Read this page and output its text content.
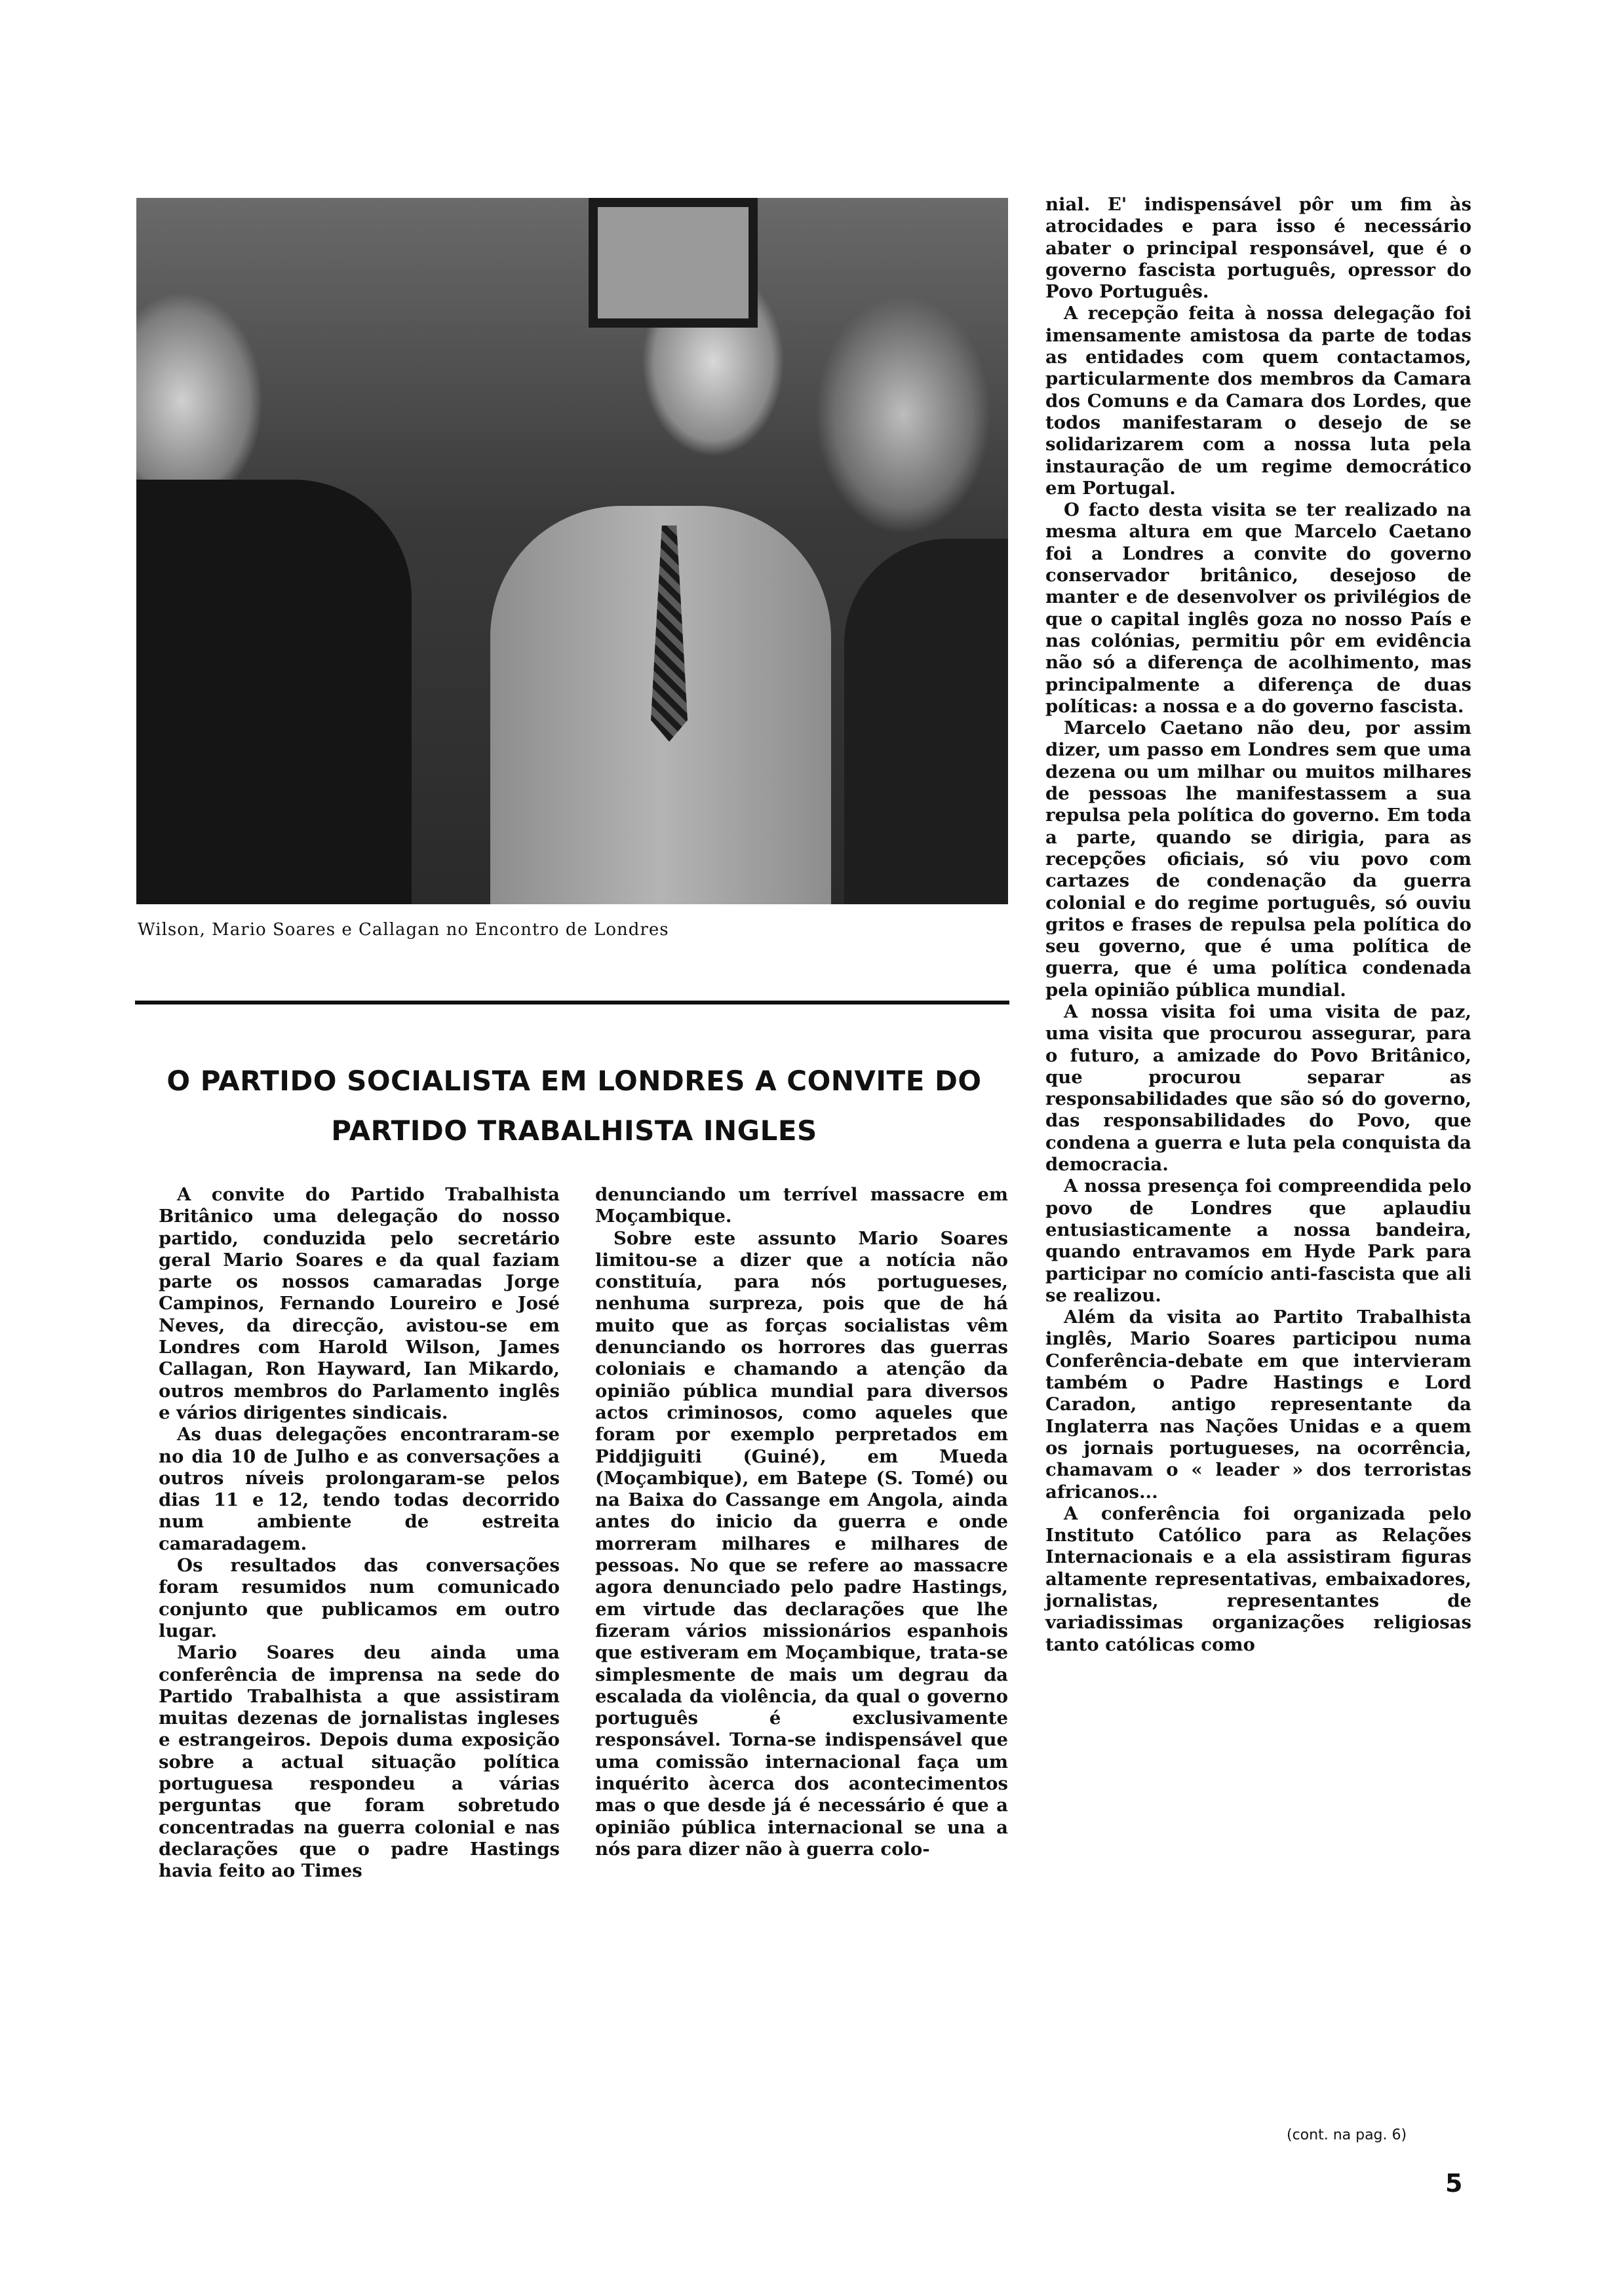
Wilson, Mario Soares e Callagan no Encontro de Londres
O PARTIDO SOCIALISTA EM LONDRES A CONVITE DO
PARTIDO TRABALHISTA INGLES

A convite do Partido Trabalhista Britânico uma delegação do nosso partido, conduzida pelo secretário geral Mario Soares e da qual faziam parte os nossos camaradas Jorge Campinos, Fernando Loureiro e José Neves, da direcção, avistou-se em Londres com Harold Wilson, James Callagan, Ron Hayward, Ian Mikardo, outros membros do Parlamento inglês e vários dirigentes sindicais.

As duas delegações encontraram-se no dia 10 de Julho e as conversações a outros níveis prolongaram-se pelos dias 11 e 12, tendo todas decorrido num ambiente de estreita camaradagem.

Os resultados das conversações foram resumidos num comunicado conjunto que publicamos em outro lugar.

Mario Soares deu ainda uma conferência de imprensa na sede do Partido Trabalhista a que assistiram muitas dezenas de jornalistas ingleses e estrangeiros. Depois duma exposição sobre a actual situação política portuguesa respondeu a várias perguntas que foram sobretudo concentradas na guerra colonial e nas declarações que o padre Hastings havia feito ao Times

denunciando um terrível massacre em Moçambique.

Sobre este assunto Mario Soares limitou-se a dizer que a notícia não constituía, para nós portugueses, nenhuma surpreza, pois que de há muito que as forças socialistas vêm denunciando os horrores das guerras coloniais e chamando a atenção da opinião pública mundial para diversos actos criminosos, como aqueles que foram por exemplo perpretados em Piddjiguiti (Guiné), em Mueda (Moçambique), em Batepe (S. Tomé) ou na Baixa do Cassange em Angola, ainda antes do inicio da guerra e onde morreram milhares e milhares de pessoas. No que se refere ao massacre agora denunciado pelo padre Hastings, em virtude das declarações que lhe fizeram vários missionários espanhois que estiveram em Moçambique, trata-se simplesmente de mais um degrau da escalada da violência, da qual o governo português é exclusivamente responsável. Torna-se indispensável que uma comissão internacional faça um inquérito àcerca dos acontecimentos mas o que desde já é necessário é que a opinião pública internacional se una a nós para dizer não à guerra colo-

nial. E' indispensável pôr um fim às atrocidades e para isso é necessário abater o principal responsável, que é o governo fascista português, opressor do Povo Português.

A recepção feita à nossa delegação foi imensamente amistosa da parte de todas as entidades com quem contactamos, particularmente dos membros da Camara dos Comuns e da Camara dos Lordes, que todos manifestaram o desejo de se solidarizarem com a nossa luta pela instauração de um regime democrático em Portugal.

O facto desta visita se ter realizado na mesma altura em que Marcelo Caetano foi a Londres a convite do governo conservador britânico, desejoso de manter e de desenvolver os privilégios de que o capital inglês goza no nosso País e nas colónias, permitiu pôr em evidência não só a diferença de acolhimento, mas principalmente a diferença de duas políticas: a nossa e a do governo fascista.

Marcelo Caetano não deu, por assim dizer, um passo em Londres sem que uma dezena ou um milhar ou muitos milhares de pessoas lhe manifestassem a sua repulsa pela política do governo. Em toda a parte, quando se dirigia, para as recepções oficiais, só viu povo com cartazes de condenação da guerra colonial e do regime português, só ouviu gritos e frases de repulsa pela política do seu governo, que é uma política de guerra, que é uma política condenada pela opinião pública mundial.

A nossa visita foi uma visita de paz, uma visita que procurou assegurar, para o futuro, a amizade do Povo Britânico, que procurou separar as responsabilidades que são só do governo, das responsabilidades do Povo, que condena a guerra e luta pela conquista da democracia.

A nossa presença foi compreendida pelo povo de Londres que aplaudiu entusiasticamente a nossa bandeira, quando entravamos em Hyde Park para participar no comício anti-fascista que ali se realizou.

Além da visita ao Partito Trabalhista inglês, Mario Soares participou numa Conferência-debate em que intervieram também o Padre Hastings e Lord Caradon, antigo representante da Inglaterra nas Nações Unidas e a quem os jornais portugueses, na ocorrência, chamavam o « leader » dos terroristas africanos...

A conferência foi organizada pelo Instituto Católico para as Relações Internacionais e a ela assistiram figuras altamente representativas, embaixadores, jornalistas, representantes de variadissimas organizações religiosas tanto católicas como

(cont. na pag. 6)
5
